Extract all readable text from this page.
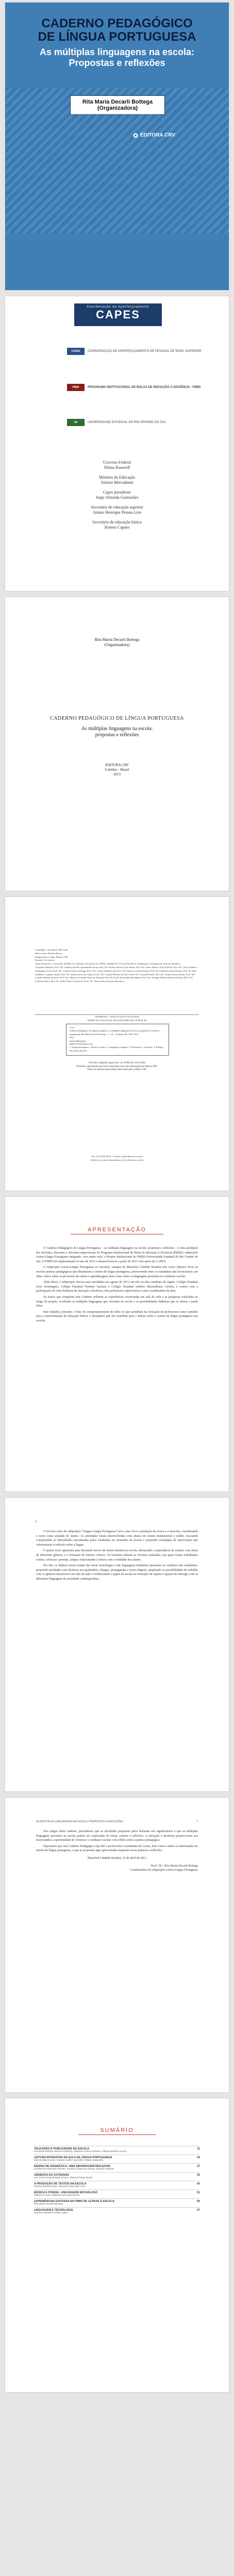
CADERNO PEDAGÓGICO
DE LÍNGUA PORTUGUESA
As múltiplas linguagens na escola:
Propostas e reflexões
Rita Maria Decarli Bottega
(Organizadora)
EDITORA CRV
Coordenação de Aperfeiçoamento
CAPES
CAPES	COORDENAÇÃO DE APERFEIÇOAMENTO DE PESSOAL DE NÍVEL SUPERIOR
PIBID	PROGRAMA INSTITUCIONAL DE BOLSA DE INICIAÇÃO À DOCÊNCIA - PIBID
UE	UNIVERSIDADE ESTADUAL DO RIO GRANDE DO SUL
Governo Federal
Dilma Rousseff
Ministro da Educação
Aloizio Mercadante
Capes presidente
Jorge Almeida Guimarães
Secretária de educação superior
Amaro Henrique Pessoa Lins
Secretário de educação básica
Romeu Caputo
Rita Maria Decarli Bottega
(Organizadora)
CADERNO PEDAGÓGICO DE LÍNGUA PORTUGUESA
As múltiplas linguagens na escola:
propostas e reflexões
EDITORA CRV
Curitiba – Brasil
2013
Copyright © da Editora CRV Ltda.
Editor-chefe: Railson Moura
Diagramação e Capa: Editora CRV
Revisão: Os Autores
Apoio Financeiro: O presente trabalho foi realizado com apoio da CAPES, entidade do Governo Brasileiro voltada para a formação de recursos humanos.
Conselho Editorial: Profª. Drª. Andréia da Silva Quintanilha Sousa; Prof. Dr. Antônio Pereira Gaio Júnior; Prof. Dr. Carlos Alberto Vilar Estêvão; Prof. Dr. Carlos Federico Dominguez Avila; Profª. Drª. Carmen Tereza Velanga; Profª. Drª. Gloria Fariñas León; Prof. Dr. Francisco Carlos Duarte; Prof. Dr. Guillermo Arias Beatón; Prof. Dr. João Adalberto Campato Junior; Prof. Dr. Jailson Alves dos Santos; Profª. Drª. Lourdes Helena da Silva; Profª. Drª. Josania Portela; Prof. Dr. Leonel Severo Rocha; Profª. Drª. Lourdes Helena da Silva; Profª. Drª. Maria de Lourdes Pinto de Almeida; Prof. Dr. Paulo Romualdo Hernandes; Profª. Drª. Solange Helena Ximenes-Rocha; Profª. Drª. Sydione Santos; Prof. Dr. Tadeu Oliver Gonçalves; Profª. Drª. Tania Suely Azevedo Brasileiro.
CIP-BRASIL. CATALOGAÇÃO-NA-FONTE
SINDICATO NACIONAL DOS EDITORES DE LIVROS, RJ
C127
Caderno pedagógico de língua portuguesa: as múltiplas linguagens na escola: propostas e reflexões / organização Rita Maria Decarli Bottega. – 1. ed. – Curitiba, PR: CRV, 2013.
88 p.
Inclui bibliografia
ISBN 978-85-8042-718-2
1. Língua portuguesa – Estudo e ensino. 2. Linguagem e línguas. 3. Professores – Formação. I. Bottega, Rita Maria Decarli.
Foi feito o depósito legal conf. Lei 10.994 de 14/12/2004
Proibida a reprodução parcial ou total desta obra sem autorização da Editora CRV
Todos os direitos desta edição reservados pela: Editora CRV
Tel.: (41) 3039-6418 – E-mail: sac@editoracrv.com.br
Conheça os nossos lançamentos: www.editoracrv.com.br
APRESENTAÇÃO

O Caderno Pedagógico de Língua Portuguesa – as múltiplas linguagens na escola: propostas e reflexões – é uma produção dos docentes, discentes e docentes-supervisoras do Programa Institucional de Bolsa de Iniciação à Docência (PIBID), subprojeto Letras-Língua Portuguesa integrado, com muito zelo, o Projeto Institucional do PIBID-Universidade Estadual do Rio Grande do Sul. O PIBID foi implementado no ano de 2012 e desenvolveu-se a partir de 2013 com apoio da CAPES.

O subprojeto Letras-Língua Portuguesa se vinculou, campus de Marechal Cândido Rondon tem como objetivo levar às escolas práticas pedagógicas que dinamizem o ensino de língua portuguesa, promovendo entre os estudantes das licenciaturas um olhar crítico sobre os processos de ensino e aprendizagem, bem como sobre as linguagens presentes no cotidiano escolar.

Além disso, o subprojeto iniciou suas atividades em agosto de 2012 em três escolas estaduais da região: Colégio Estadual Eron Domingues, Colégio Estadual Frentino Sackser e Colégio Estadual Antônio Maximiliano Ceretta, e contou com a participação de vinte bolsistas de iniciação à docência, três professoras supervisoras e uma coordenadora de área.

Os textos que compõem este Caderno refletem as experiências vivenciadas em sala de aula e as pesquisas realizadas ao longo do projeto, revelando as múltiplas linguagens que circulam na escola e as possibilidades didáticas que se abrem a partir delas.

Este trabalho, portanto, é fruto do comprometimento de todos os que acreditam na formação de professores como caminho para a transformação da educação básica, e desejamos que ele contribua para o debate sobre o ensino de língua portuguesa nas escolas.

6

O terceiro texto do subprojeto “Língua Língua Portuguesa” teve como foco a produção de textos e a reescrita, considerando o texto como unidade de ensino. As atividades foram desenvolvidas com alunos do ensino fundamental e médio, buscando compreender as dificuldades encontradas pelos estudantes no momento da escrita e propondo estratégias de intervenção que valorizassem a reflexão sobre a língua.

O quarto texto apresenta uma discussão acerca da leitura literária na escola, destacando a importância do contato com obras de diferentes gêneros e a formação de leitores críticos. Os bolsistas relatam as oficinas realizadas, nas quais foram trabalhados contos, crônicas e poemas, sempre relacionando a leitura com a realidade dos alunos.

Por fim, os últimos textos tratam das novas tecnologias e das linguagens midiáticas presentes no cotidiano dos estudantes, propondo atividades com histórias em quadrinhos, charges, propagandas e textos digitais, ampliando as possibilidades de trabalho com os gêneros discursivos em sala de aula e evidenciando o papel da escola na formação de sujeitos capazes de interagir com as diferentes linguagens da sociedade contemporânea.

AS MÚLTIPLAS LINGUAGENS NA ESCOLA: PROPOSTAS E REFLEXÕES	7

Nos artigos deste caderno, percebemos que as atividades propostas pelos bolsistas são significativas e que as múltiplas linguagens presentes na escola podem ser exploradas de forma criativa e reflexiva. A iniciação à docência proporcionou aos licenciandos a oportunidade de vivenciar o cotidiano escolar e de refletir sobre a prática pedagógica.

Esperamos que este Caderno Pedagógico seja útil a professores e estudantes de Letras, bem como a todos os interessados no ensino de língua portuguesa, e que as propostas aqui apresentadas inspirem novas práticas e reflexões.

Marechal Cândido Rondon, 25 de abril de 2013

Profª. Drª. Rita Maria Decarli Bottega

Coordenadora do subprojeto Letras-Língua Portuguesa

SUMÁRIO
TELEVISÃO E PUBLICIDADE NA ESCOLA	11
Fernanda Martins Wenzel Schlung, Gabriela Lorena Ferreira, Poliana Bonetti Lemos
LEITURA INTERATIVA NA AULA DE LÍNGUA PORTUGUESA	19
Marcia Mara Kunze, Daiana Calsin Vanzeller, Tatiane Zawadzki
ENSINO DE GRAMÁTICA: UMA ABORDAGEM REFLEXIVA	27
Larissa Ilza Dalmolin Tonetto, Jessica Cheyenne Nunes, Débora Valiente
GÊNEROS DO COTIDIANO	35
Ana Lúcia Paula Borges Souza, Jéssica Paula Simas
A PRODUÇÃO DE TEXTOS NA ESCOLA	43
Patrícia Martins Dias, Vanessa Aparecida Lima
MÚSICA E POESIA: LINGUAGENS EM DIÁLOGO	51
Fabiane Lucas, Nathalia Luiza Bavaresco
EXPERIÊNCIAS EXITOSAS DO PIBID DE LETRAS À ESCOLA	59
Rita Maria Decarli Bottega
LINGUAGEM E TECNOLOGIA	67
Clarissa Mazetto, Eloísa Lopes
